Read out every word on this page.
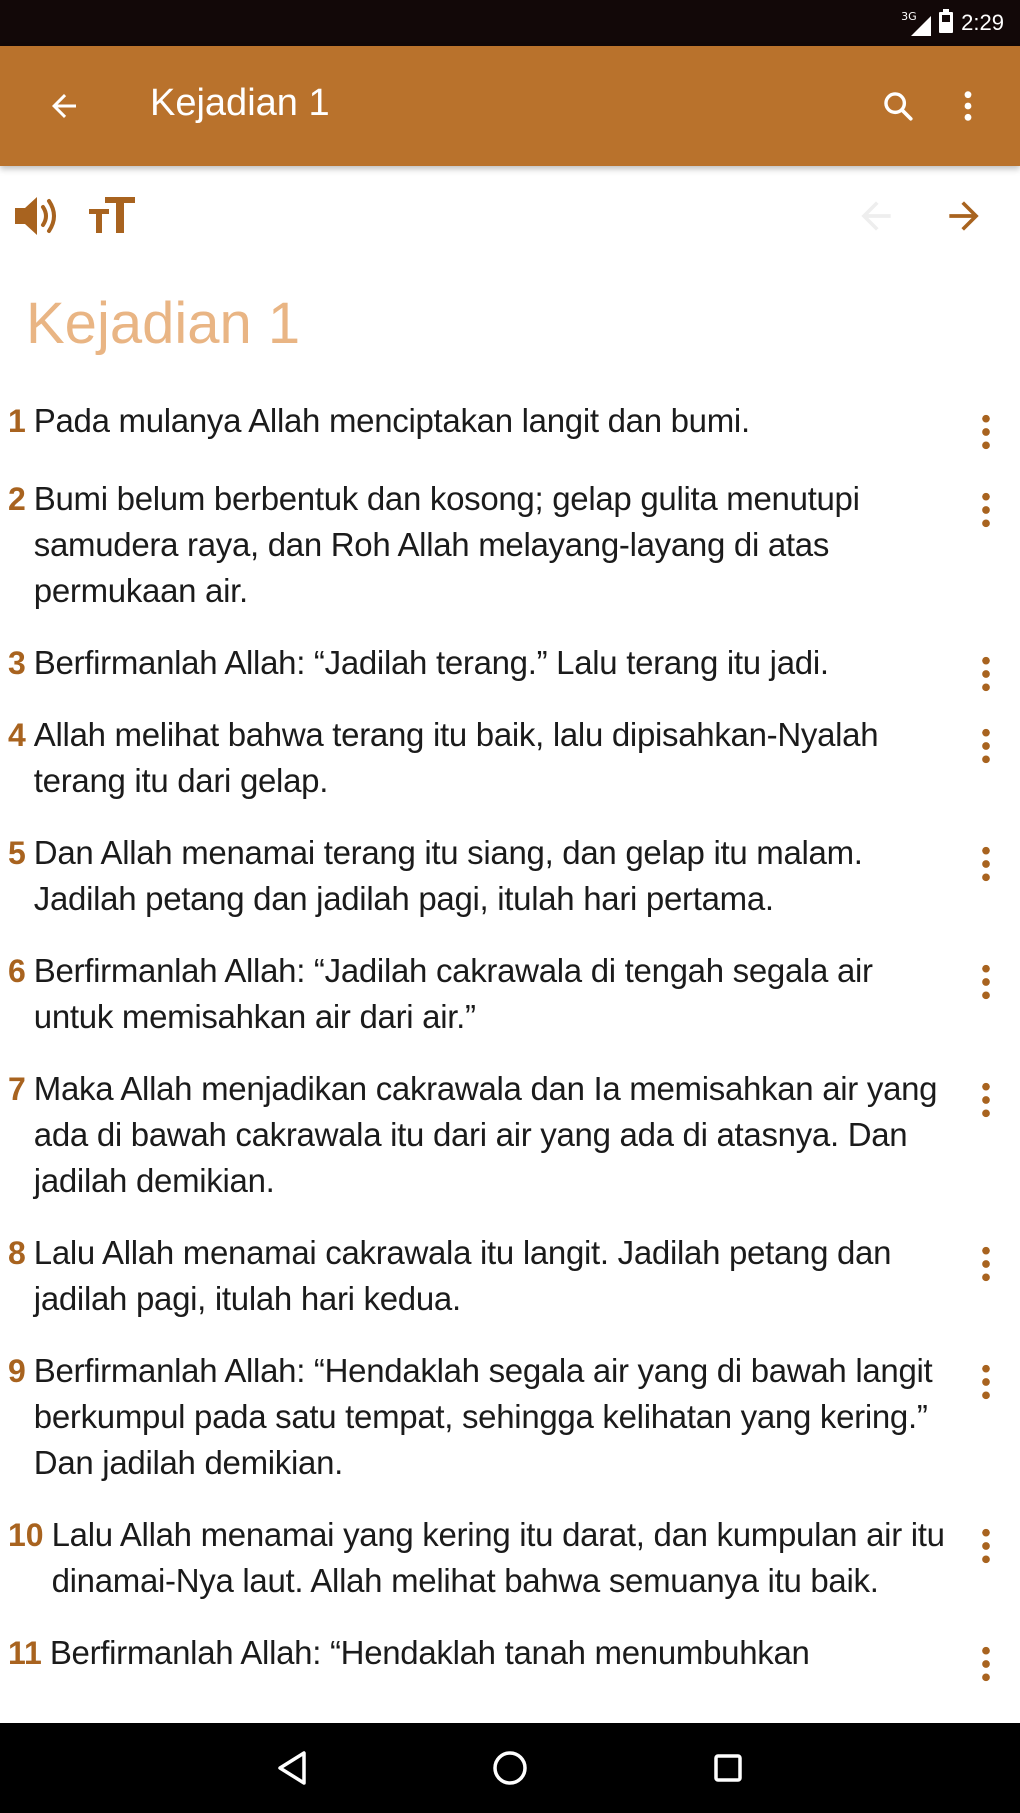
3G 2:29
Kejadian 1
Kejadian 1
1 Pada mulanya Allah menciptakan langit dan bumi.
2 Bumi belum berbentuk dan kosong; gelap gulita menutupi samudera raya, dan Roh Allah melayang-layang di atas permukaan air.
3 Berfirmanlah Allah: “Jadilah terang.” Lalu terang itu jadi.
4 Allah melihat bahwa terang itu baik, lalu dipisahkan-Nyalah terang itu dari gelap.
5 Dan Allah menamai terang itu siang, dan gelap itu malam. Jadilah petang dan jadilah pagi, itulah hari pertama.
6 Berfirmanlah Allah: “Jadilah cakrawala di tengah segala air untuk memisahkan air dari air.”
7 Maka Allah menjadikan cakrawala dan Ia memisahkan air yang ada di bawah cakrawala itu dari air yang ada di atasnya. Dan jadilah demikian.
8 Lalu Allah menamai cakrawala itu langit. Jadilah petang dan jadilah pagi, itulah hari kedua.
9 Berfirmanlah Allah: “Hendaklah segala air yang di bawah langit berkumpul pada satu tempat, sehingga kelihatan yang kering.” Dan jadilah demikian.
10 Lalu Allah menamai yang kering itu darat, dan kumpulan air itu dinamai-Nya laut. Allah melihat bahwa semuanya itu baik.
11 Berfirmanlah Allah: “Hendaklah tanah menumbuhkan
